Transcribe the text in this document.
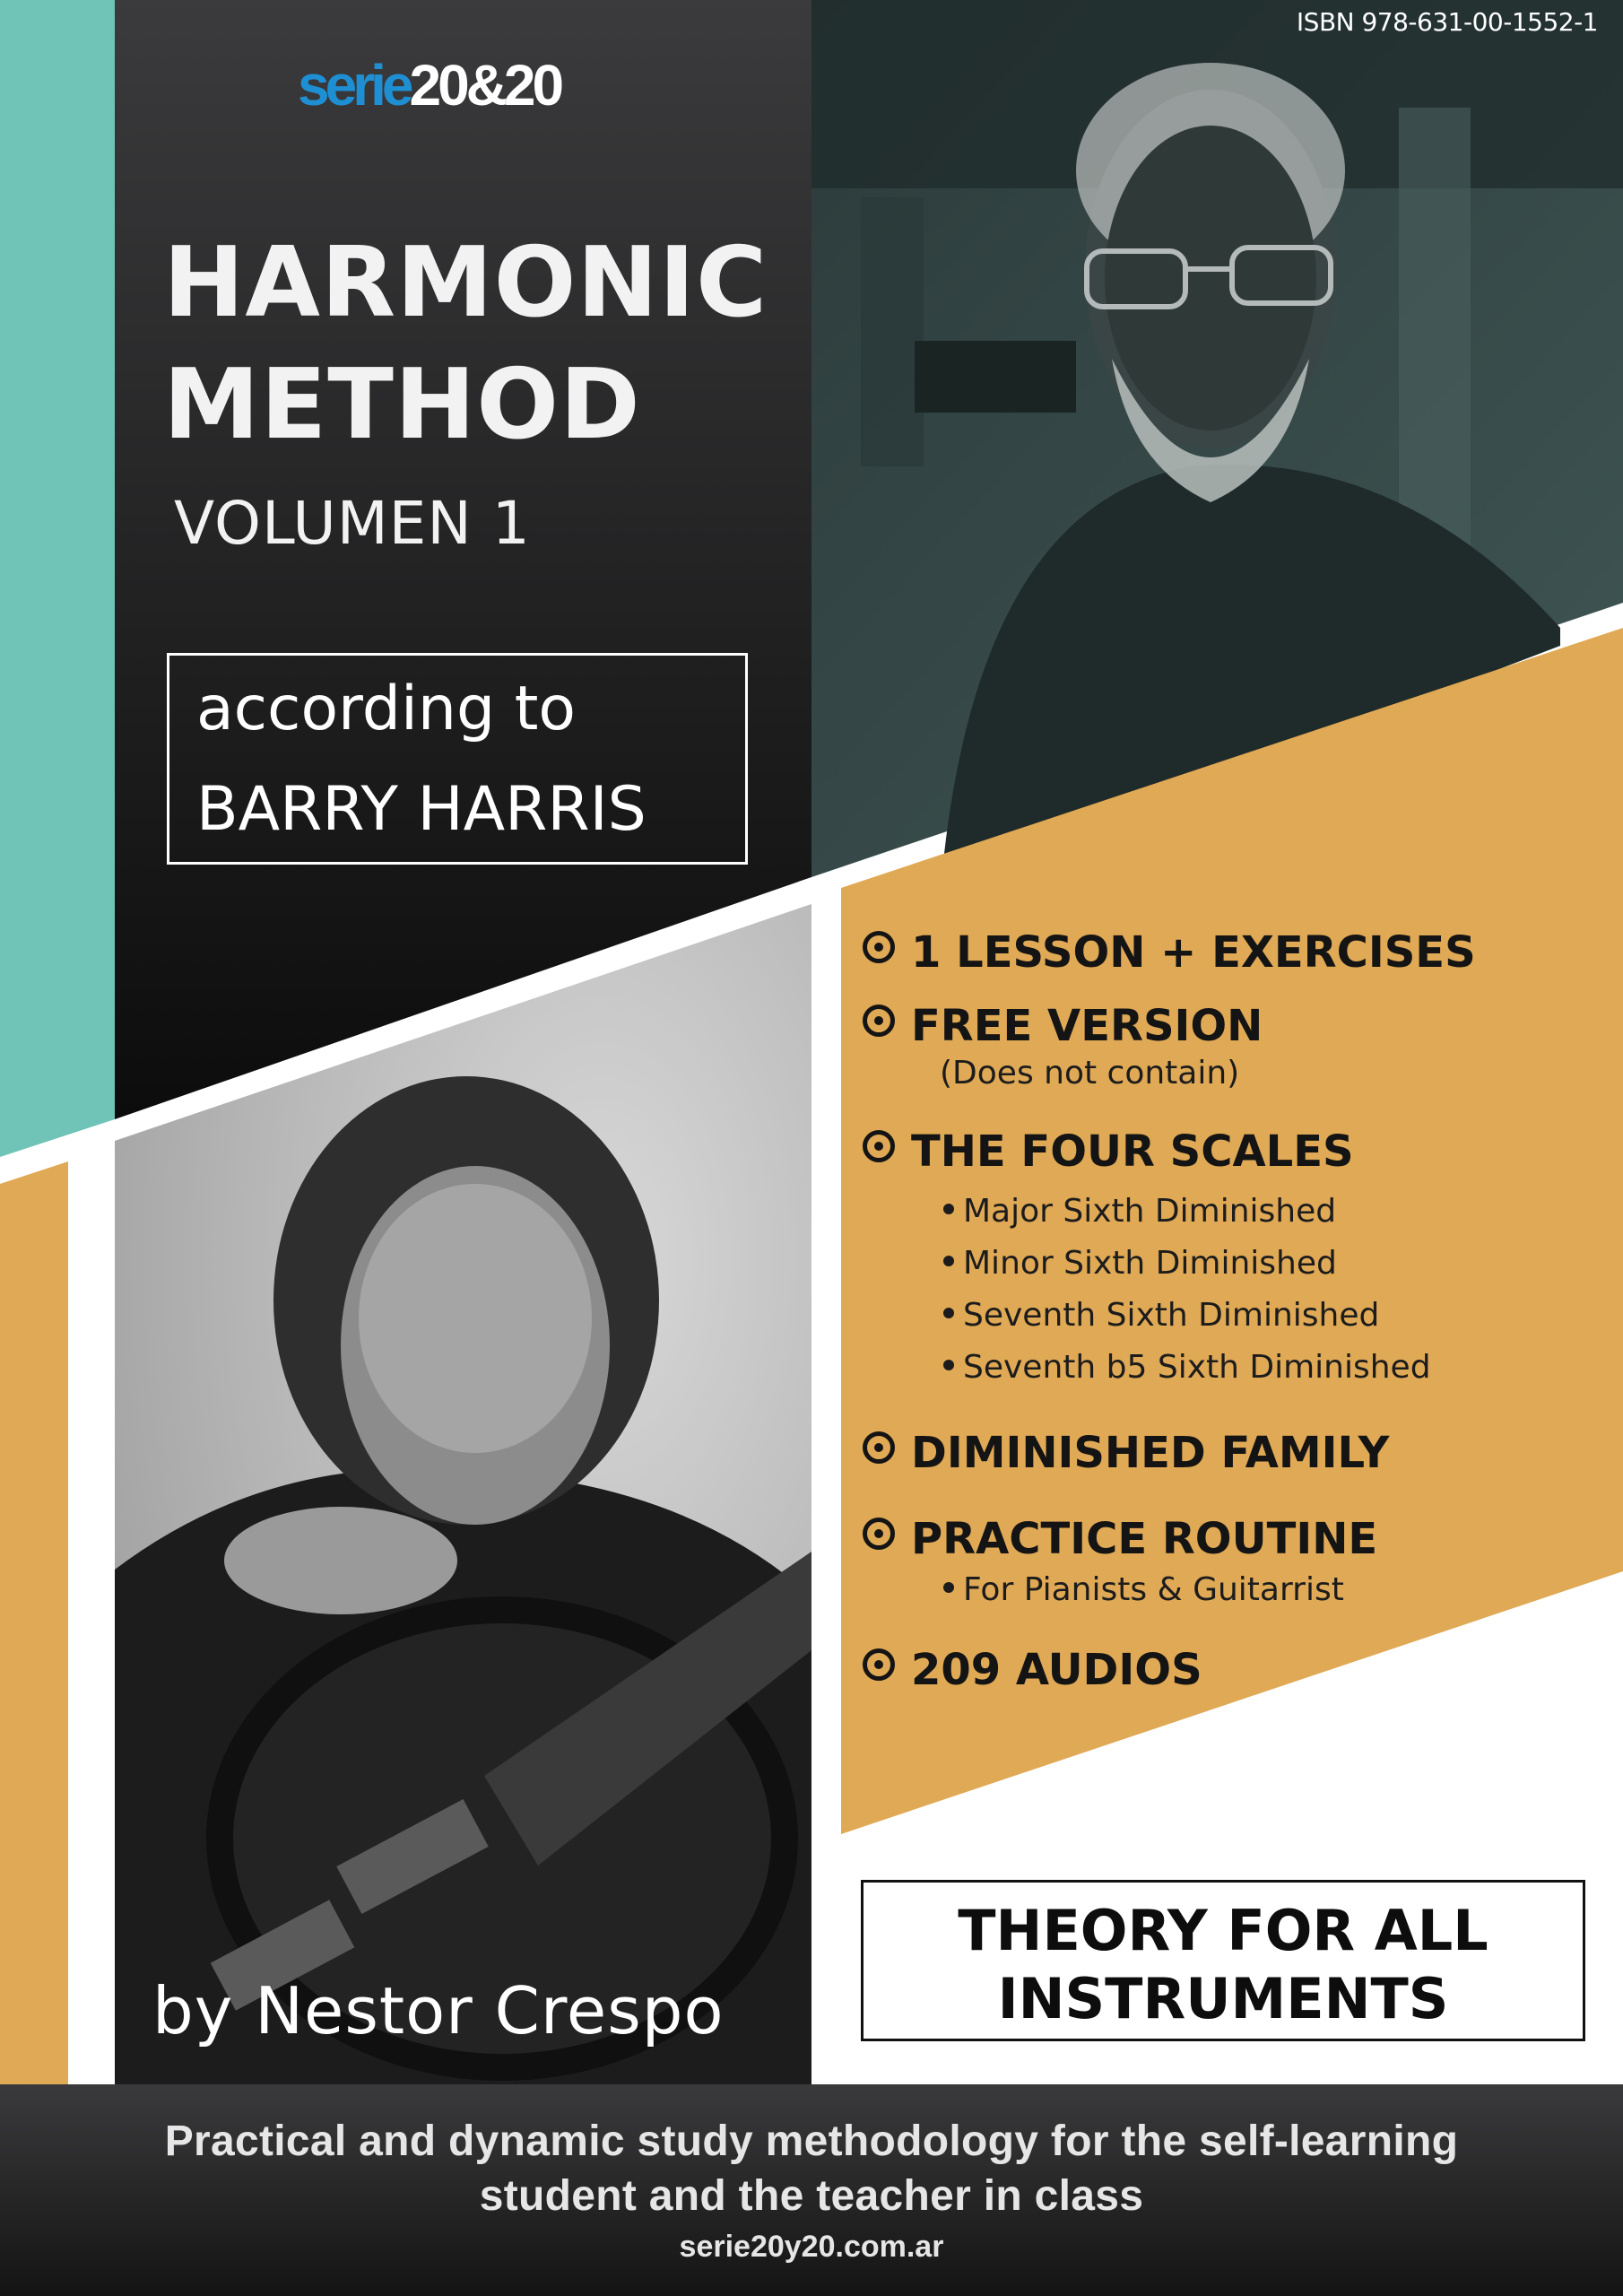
ISBN 978-631-00-1552-1

serie20&20
HARMONIC
METHOD

VOLUMEN 1

according to
BARRY HARRIS

by Nestor Crespo

1 LESSON + EXERCISES
FREE VERSION
(Does not contain)
THE FOUR SCALES
Major Sixth Diminished
Minor Sixth Diminished
Seventh Sixth Diminished
Seventh b5 Sixth Diminished
DIMINISHED FAMILY
PRACTICE ROUTINE
For Pianists & Guitarrist
209 AUDIOS
THEORY FOR ALL
INSTRUMENTS
Practical and dynamic study methodology for the self-learning
student and the teacher in class
serie20y20.com.ar
